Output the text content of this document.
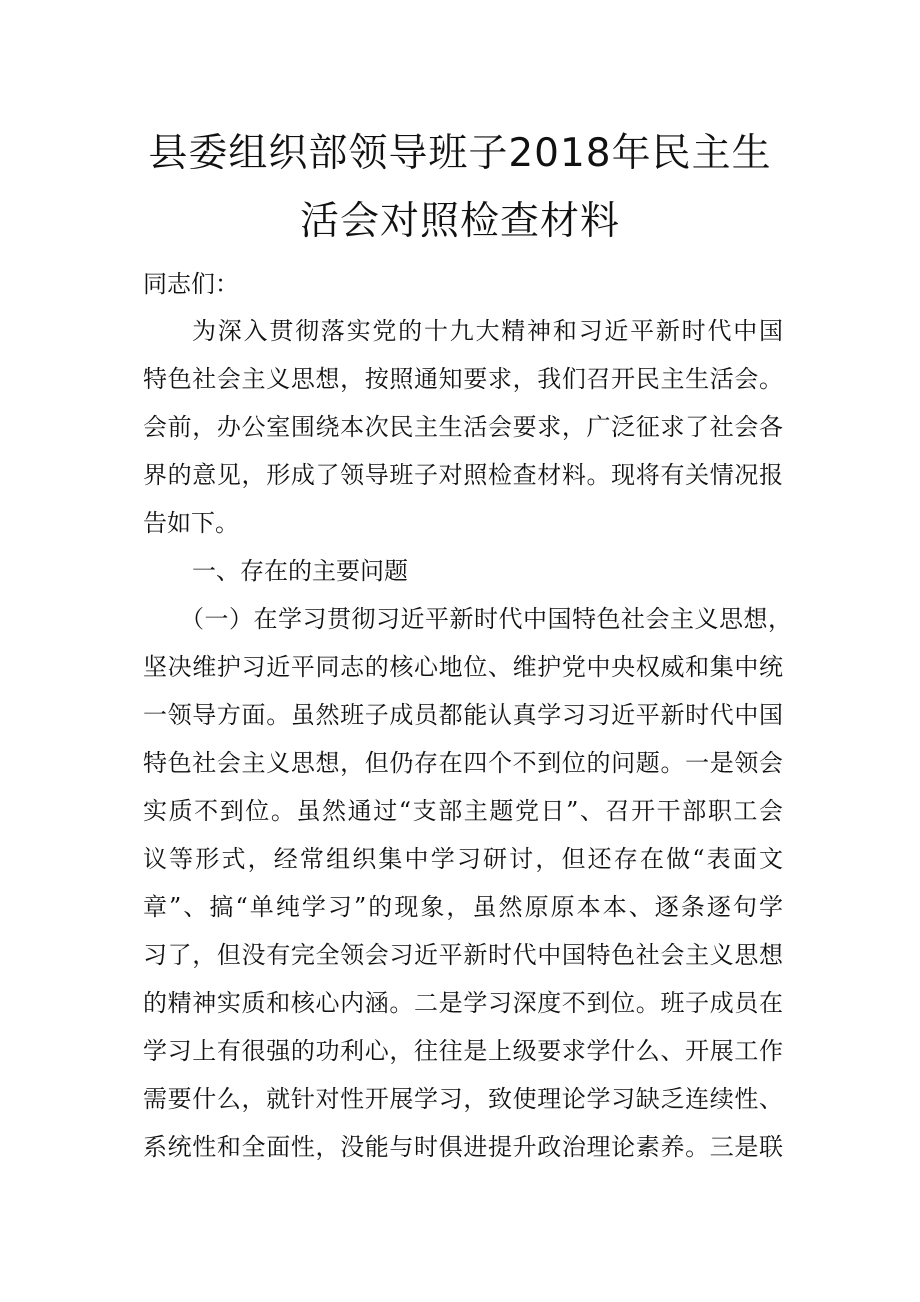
县委组织部领导班子2018年民主生
活会对照检查材料
同志们：
为深入贯彻落实党的十九大精神和习近平新时代中国
特色社会主义思想，按照通知要求，我们召开民主生活会。
会前，办公室围绕本次民主生活会要求，广泛征求了社会各
界的意见，形成了领导班子对照检查材料。现将有关情况报
告如下。
一、存在的主要问题
（一）在学习贯彻习近平新时代中国特色社会主义思想，
坚决维护习近平同志的核心地位、维护党中央权威和集中统
一领导方面。虽然班子成员都能认真学习习近平新时代中国
特色社会主义思想，但仍存在四个不到位的问题。一是领会
实质不到位。虽然通过“支部主题党日”、召开干部职工会
议等形式，经常组织集中学习研讨，但还存在做“表面文
章”、搞“单纯学习”的现象，虽然原原本本、逐条逐句学
习了，但没有完全领会习近平新时代中国特色社会主义思想
的精神实质和核心内涵。二是学习深度不到位。班子成员在
学习上有很强的功利心，往往是上级要求学什么、开展工作
需要什么，就针对性开展学习，致使理论学习缺乏连续性、
系统性和全面性，没能与时俱进提升政治理论素养。三是联
